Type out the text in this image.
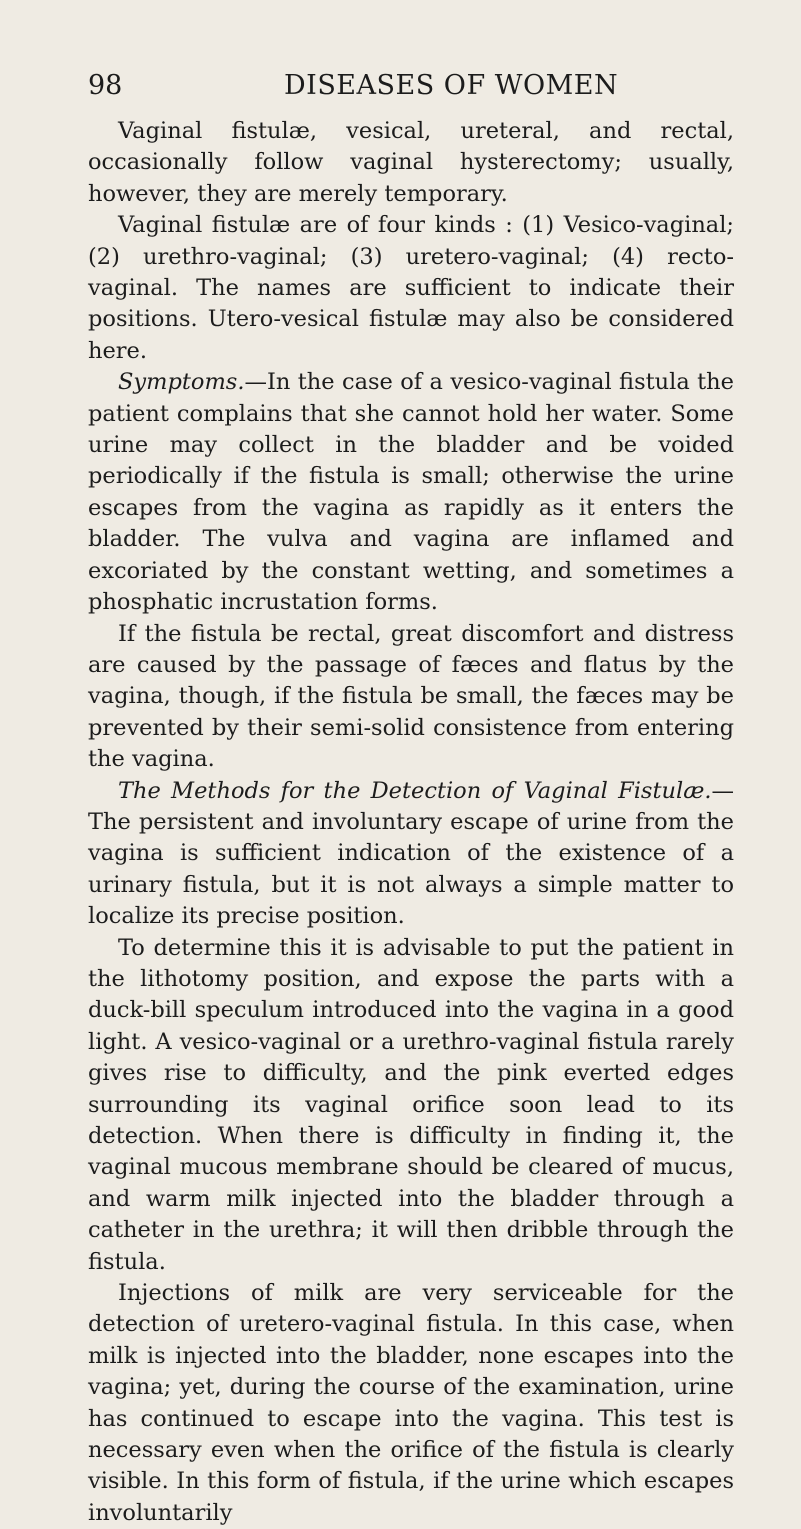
98	DISEASES OF WOMEN

Vaginal fistulæ, vesical, ureteral, and rectal, occasionally follow vaginal hysterectomy; usually, however, they are merely temporary.

Vaginal fistulæ are of four kinds : (1) Vesico-vaginal; (2) urethro-vaginal; (3) uretero-vaginal; (4) recto-vaginal. The names are sufficient to indicate their positions. Utero-vesical fistulæ may also be considered here.

Symptoms.—In the case of a vesico-vaginal fistula the patient complains that she cannot hold her water. Some urine may collect in the bladder and be voided periodically if the fistula is small; otherwise the urine escapes from the vagina as rapidly as it enters the bladder. The vulva and vagina are inflamed and excoriated by the constant wetting, and sometimes a phosphatic incrustation forms.

If the fistula be rectal, great discomfort and distress are caused by the passage of fæces and flatus by the vagina, though, if the fistula be small, the fæces may be prevented by their semi-solid consistence from entering the vagina.

The Methods for the Detection of Vaginal Fistulæ.—The persistent and involuntary escape of urine from the vagina is sufficient indication of the existence of a urinary fistula, but it is not always a simple matter to localize its precise position.

To determine this it is advisable to put the patient in the lithotomy position, and expose the parts with a duck-bill speculum introduced into the vagina in a good light. A vesico-vaginal or a urethro-vaginal fistula rarely gives rise to difficulty, and the pink everted edges surrounding its vaginal orifice soon lead to its detection. When there is difficulty in finding it, the vaginal mucous membrane should be cleared of mucus, and warm milk injected into the bladder through a catheter in the urethra; it will then dribble through the fistula.

Injections of milk are very serviceable for the detection of uretero-vaginal fistula. In this case, when milk is injected into the bladder, none escapes into the vagina; yet, during the course of the examination, urine has continued to escape into the vagina. This test is necessary even when the orifice of the fistula is clearly visible. In this form of fistula, if the urine which escapes involuntarily
